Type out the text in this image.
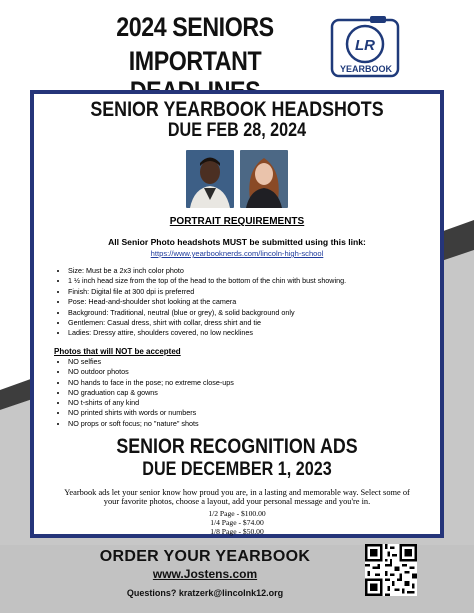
2024 SENIORS
IMPORTANT
LR
YEARBOOK
SENIOR YEARBOOK HEADSHOTS
DUE FEB 28, 2024
PORTRAIT REQUIREMENTS
All Senior Photo headshots MUST be submitted using this link:
https://www.yearbooknerds.com/lincoln-high-school
• Size: Must be a 2x3 inch color photo
• 1 ½ inch head size from the top of the head to the bottom of the chin with bust showing.
• Finish: Digital file at 300 dpi is preferred
• Pose: Head-and-shoulder shot looking at the camera
• Background: Traditional, neutral (blue or grey), & solid background only
• Gentlemen: Casual dress, shirt with collar, dress shirt and tie
• Ladies: Dressy attire, shoulders covered, no low necklines
Photos that will NOT be accepted
• NO selfies
• NO outdoor photos
• NO hands to face in the pose; no extreme close-ups
• NO graduation cap & gowns
• NO t-shirts of any kind
• NO printed shirts with words or numbers
• NO props or soft focus; no "nature" shots
SENIOR RECOGNITION ADS
DUE DECEMBER 1, 2023
Yearbook ads let your senior know how proud you are, in a lasting and memorable way. Select some of your favorite photos, choose a layout, add your personal message and you're in.
1/2 Page - $100.00
1/4 Page - $74.00
1/8 Page - $50.00
ORDER YOUR YEARBOOK
www.Jostens.com
Questions? kratzerk@lincolnk12.org
